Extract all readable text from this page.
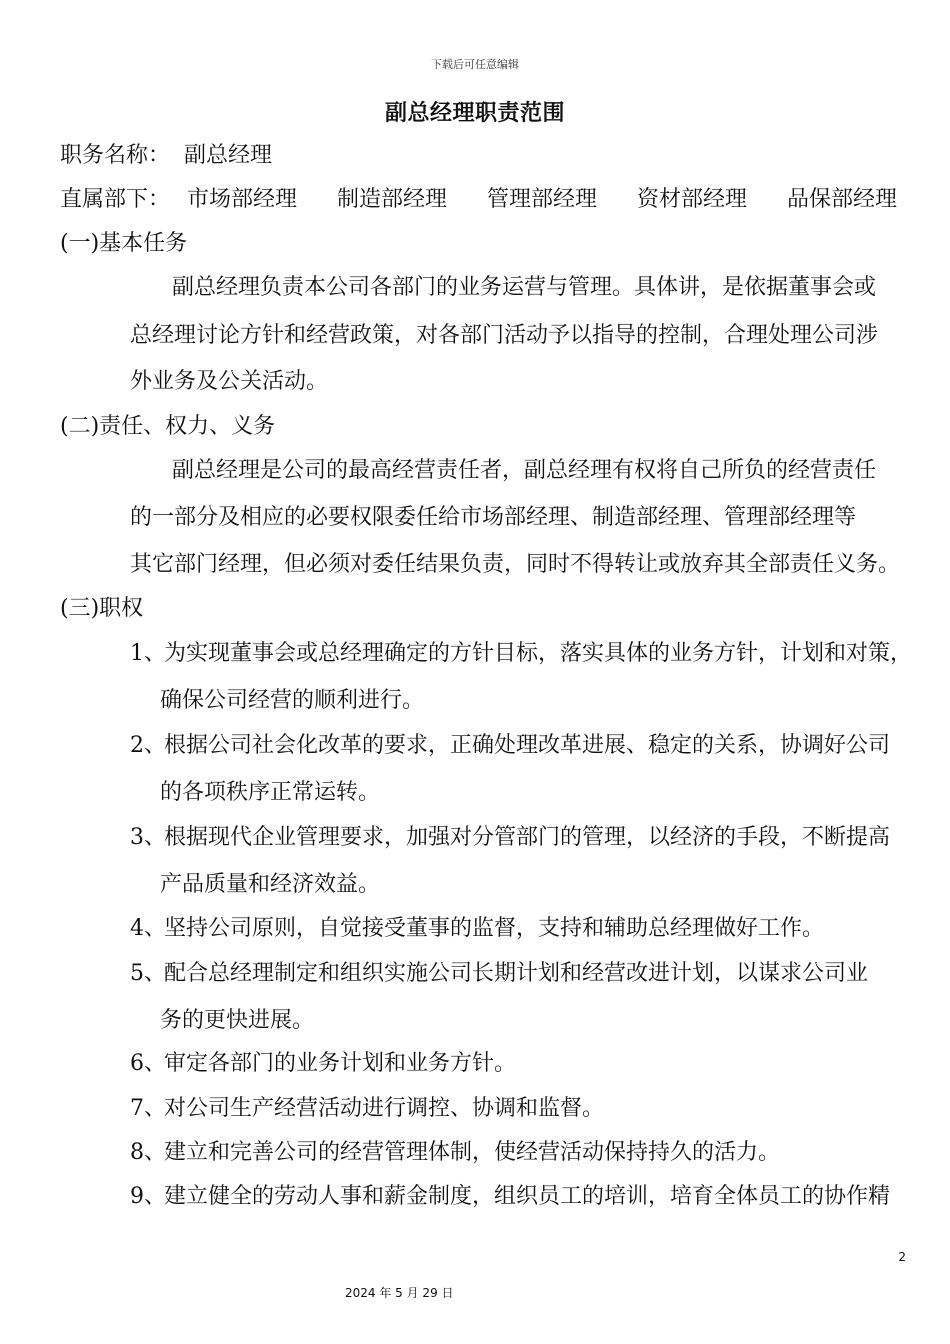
下载后可任意编辑
副总经理职责范围
职务名称： 副总经理
直属部下： 市场部经理 制造部经理 管理部经理 资材部经理 品保部经理
(一)基本任务
副总经理负责本公司各部门的业务运营与管理。具体讲，是依据董事会或
总经理讨论方针和经营政策，对各部门活动予以指导的控制，合理处理公司涉
外业务及公关活动。
(二)责任、权力、义务
副总经理是公司的最高经营责任者，副总经理有权将自己所负的经营责任
的一部分及相应的必要权限委任给市场部经理、制造部经理、管理部经理等
其它部门经理，但必须对委任结果负责，同时不得转让或放弃其全部责任义务。
(三)职权
1、
为实现董事会或总经理确定的方针目标，落实具体的业务方针，计划和对策，
确保公司经营的顺利进行。
2、
根据公司社会化改革的要求，正确处理改革进展、稳定的关系，协调好公司
的各项秩序正常运转。
3、
根据现代企业管理要求，加强对分管部门的管理，以经济的手段，不断提高
产品质量和经济效益。
4、
坚持公司原则，自觉接受董事的监督，支持和辅助总经理做好工作。
5、
配合总经理制定和组织实施公司长期计划和经营改进计划，以谋求公司业
务的更快进展。
6、
审定各部门的业务计划和业务方针。
7、
对公司生产经营活动进行调控、协调和监督。
8、
建立和完善公司的经营管理体制，使经营活动保持持久的活力。
9、
建立健全的劳动人事和薪金制度，组织员工的培训，培育全体员工的协作精
2
2024 年 5 月 29 日
